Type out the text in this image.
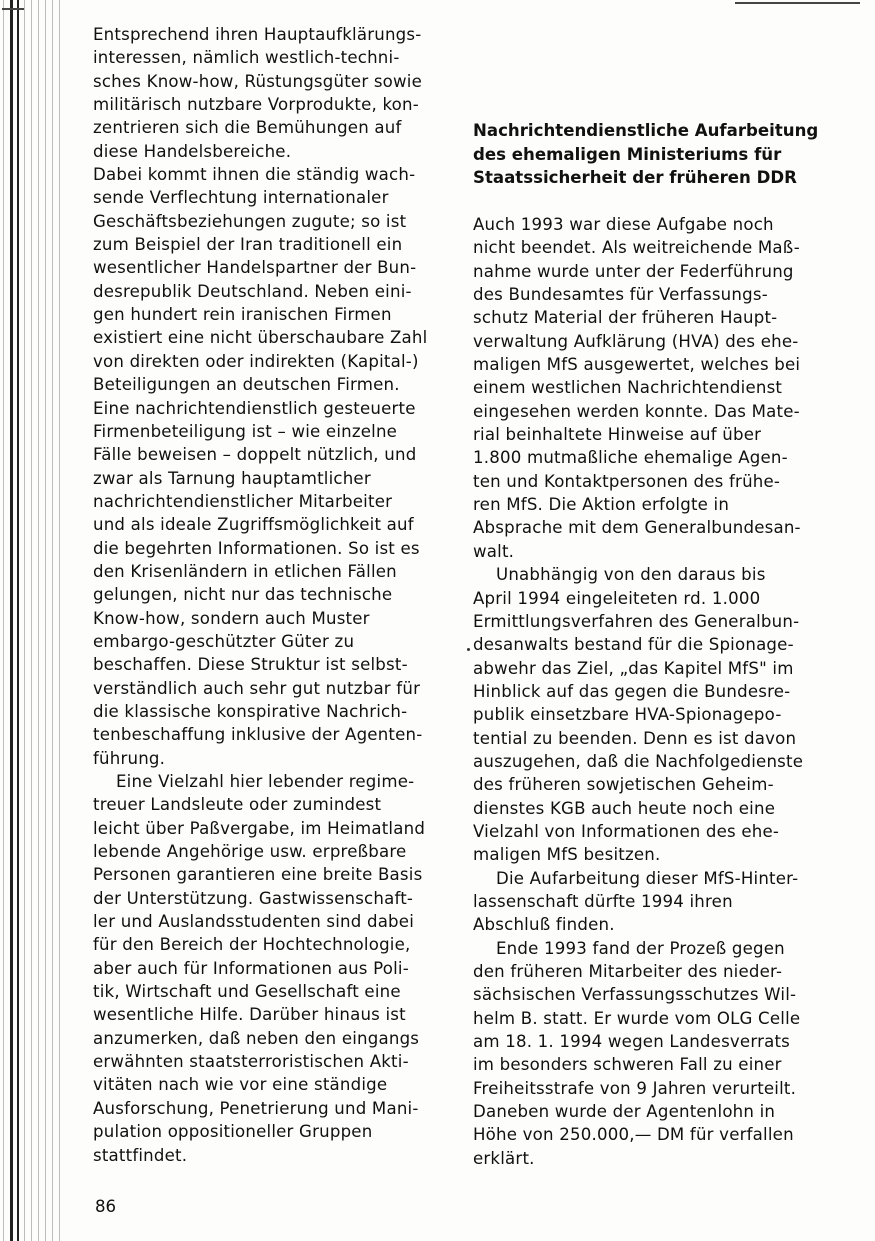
Entsprechend ihren Hauptaufklärungs-
interessen, nämlich westlich-techni-
sches Know-how, Rüstungsgüter sowie
militärisch nutzbare Vorprodukte, kon-
zentrieren sich die Bemühungen auf
diese Handelsbereiche.
Dabei kommt ihnen die ständig wach-
sende Verflechtung internationaler
Geschäftsbeziehungen zugute; so ist
zum Beispiel der Iran traditionell ein
wesentlicher Handelspartner der Bun-
desrepublik Deutschland. Neben eini-
gen hundert rein iranischen Firmen
existiert eine nicht überschaubare Zahl
von direkten oder indirekten (Kapital-)
Beteiligungen an deutschen Firmen.
Eine nachrichtendienstlich gesteuerte
Firmenbeteiligung ist – wie einzelne
Fälle beweisen – doppelt nützlich, und
zwar als Tarnung hauptamtlicher
nachrichtendienstlicher Mitarbeiter
und als ideale Zugriffsmöglichkeit auf
die begehrten Informationen. So ist es
den Krisenländern in etlichen Fällen
gelungen, nicht nur das technische
Know-how, sondern auch Muster
embargo-geschützter Güter zu
beschaffen. Diese Struktur ist selbst-
verständlich auch sehr gut nutzbar für
die klassische konspirative Nachrich-
tenbeschaffung inklusive der Agenten-
führung.
Eine Vielzahl hier lebender regime-
treuer Landsleute oder zumindest
leicht über Paßvergabe, im Heimatland
lebende Angehörige usw. erpreßbare
Personen garantieren eine breite Basis
der Unterstützung. Gastwissenschaft-
ler und Auslandsstudenten sind dabei
für den Bereich der Hochtechnologie,
aber auch für Informationen aus Poli-
tik, Wirtschaft und Gesellschaft eine
wesentliche Hilfe. Darüber hinaus ist
anzumerken, daß neben den eingangs
erwähnten staatsterroristischen Akti-
vitäten nach wie vor eine ständige
Ausforschung, Penetrierung und Mani-
pulation oppositioneller Gruppen
stattfindet.
Nachrichtendienstliche Aufarbeitung
des ehemaligen Ministeriums für
Staatssicherheit der früheren DDR
Auch 1993 war diese Aufgabe noch
nicht beendet. Als weitreichende Maß-
nahme wurde unter der Federführung
des Bundesamtes für Verfassungs-
schutz Material der früheren Haupt-
verwaltung Aufklärung (HVA) des ehe-
maligen MfS ausgewertet, welches bei
einem westlichen Nachrichtendienst
eingesehen werden konnte. Das Mate-
rial beinhaltete Hinweise auf über
1.800 mutmaßliche ehemalige Agen-
ten und Kontaktpersonen des frühe-
ren MfS. Die Aktion erfolgte in
Absprache mit dem Generalbundesan-
walt.
Unabhängig von den daraus bis
April 1994 eingeleiteten rd. 1.000
Ermittlungsverfahren des Generalbun-
desanwalts bestand für die Spionage-
abwehr das Ziel, „das Kapitel MfS" im
Hinblick auf das gegen die Bundesre-
publik einsetzbare HVA-Spionagepo-
tential zu beenden. Denn es ist davon
auszugehen, daß die Nachfolgedienste
des früheren sowjetischen Geheim-
dienstes KGB auch heute noch eine
Vielzahl von Informationen des ehe-
maligen MfS besitzen.
Die Aufarbeitung dieser MfS-Hinter-
lassenschaft dürfte 1994 ihren
Abschluß finden.
Ende 1993 fand der Prozeß gegen
den früheren Mitarbeiter des nieder-
sächsischen Verfassungsschutzes Wil-
helm B. statt. Er wurde vom OLG Celle
am 18. 1. 1994 wegen Landesverrats
im besonders schweren Fall zu einer
Freiheitsstrafe von 9 Jahren verurteilt.
Daneben wurde der Agentenlohn in
Höhe von 250.000,— DM für verfallen
erklärt.
86
